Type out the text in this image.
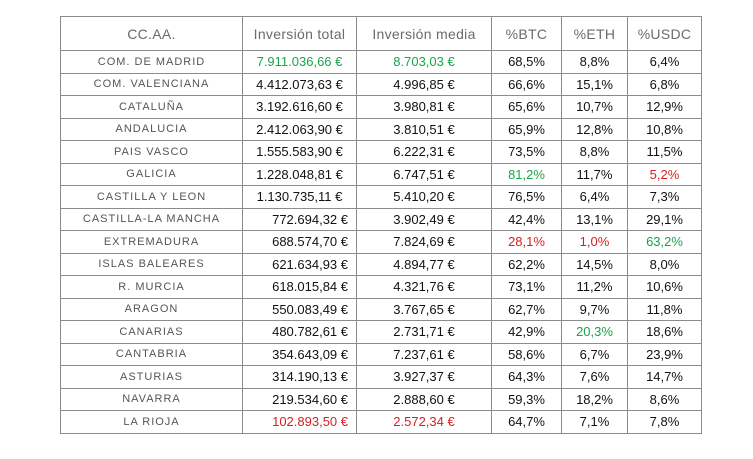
CC.AA.	Inversión total	Inversión media	%BTC	%ETH	%USDC
COM. DE MADRID	7.911.036,66 €	8.703,03 €	68,5%	8,8%	6,4%
COM. VALENCIANA	4.412.073,63 €	4.996,85 €	66,6%	15,1%	6,8%
CATALUÑA	3.192.616,60 €	3.980,81 €	65,6%	10,7%	12,9%
ANDALUCIA	2.412.063,90 €	3.810,51 €	65,9%	12,8%	10,8%
PAIS VASCO	1.555.583,90 €	6.222,31 €	73,5%	8,8%	11,5%
GALICIA	1.228.048,81 €	6.747,51 €	81,2%	11,7%	5,2%
CASTILLA Y LEON	1.130.735,11 €	5.410,20 €	76,5%	6,4%	7,3%
CASTILLA-LA MANCHA	772.694,32 €	3.902,49 €	42,4%	13,1%	29,1%
EXTREMADURA	688.574,70 €	7.824,69 €	28,1%	1,0%	63,2%
ISLAS BALEARES	621.634,93 €	4.894,77 €	62,2%	14,5%	8,0%
R. MURCIA	618.015,84 €	4.321,76 €	73,1%	11,2%	10,6%
ARAGON	550.083,49 €	3.767,65 €	62,7%	9,7%	11,8%
CANARIAS	480.782,61 €	2.731,71 €	42,9%	20,3%	18,6%
CANTABRIA	354.643,09 €	7.237,61 €	58,6%	6,7%	23,9%
ASTURIAS	314.190,13 €	3.927,37 €	64,3%	7,6%	14,7%
NAVARRA	219.534,60 €	2.888,60 €	59,3%	18,2%	8,6%
LA RIOJA	102.893,50 €	2.572,34 €	64,7%	7,1%	7,8%
